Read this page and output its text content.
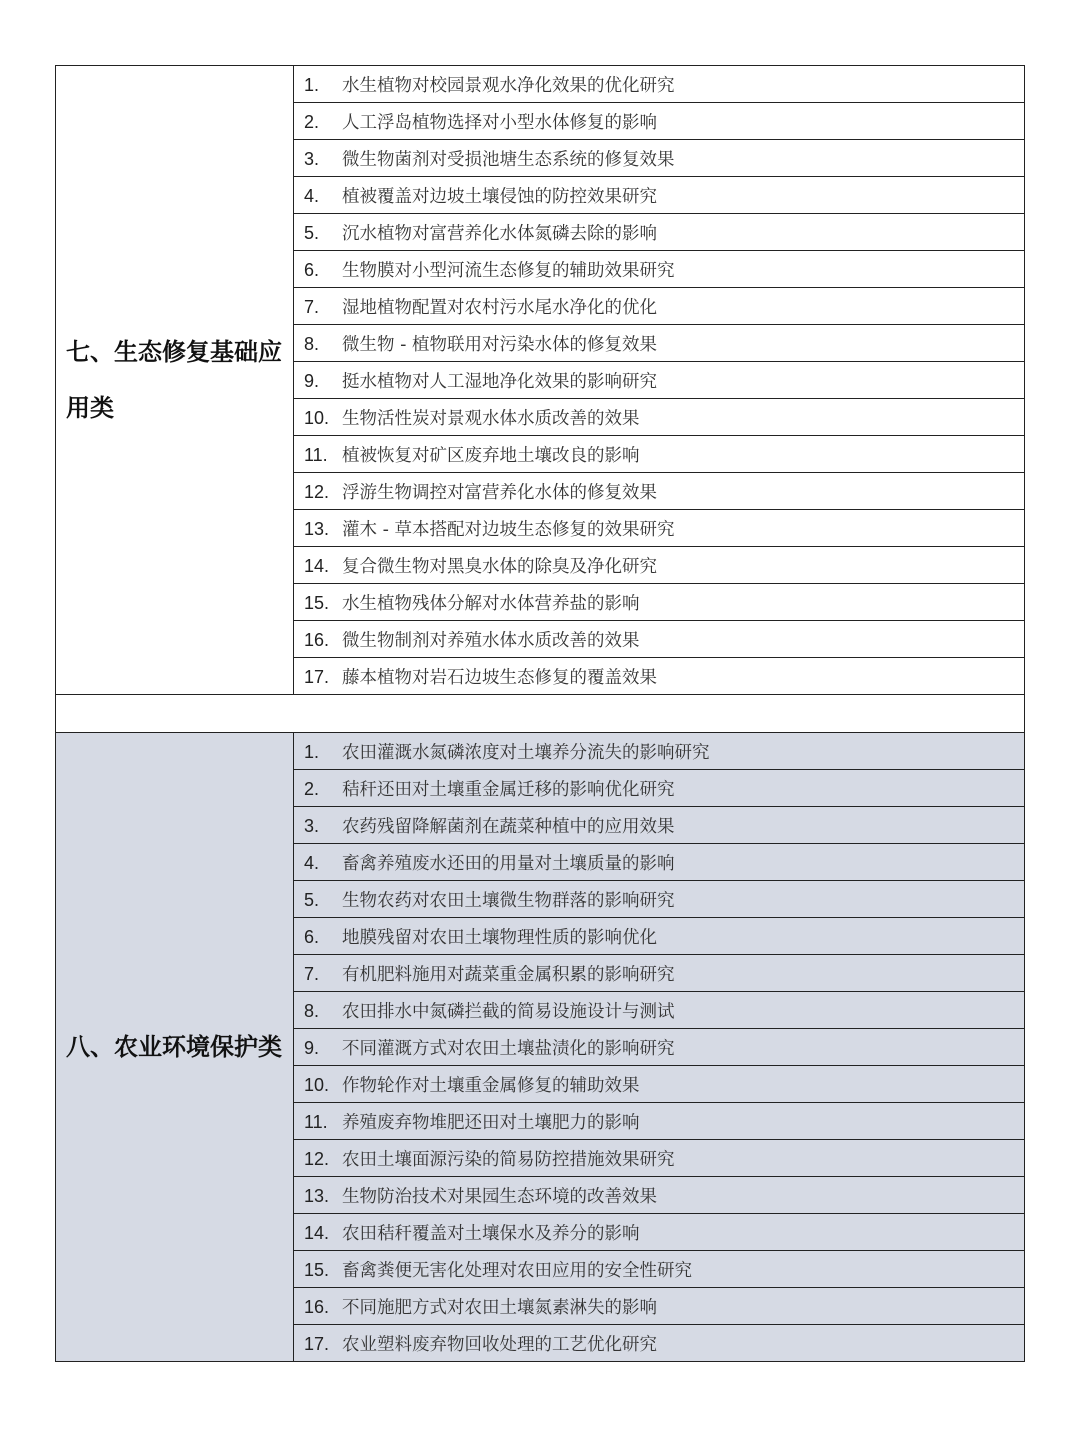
七、生态修复基础应用类	1. 水生植物对校园景观水净化效果的优化研究
	2. 人工浮岛植物选择对小型水体修复的影响
	3. 微生物菌剂对受损池塘生态系统的修复效果
	4. 植被覆盖对边坡土壤侵蚀的防控效果研究
	5. 沉水植物对富营养化水体氮磷去除的影响
	6. 生物膜对小型河流生态修复的辅助效果研究
	7. 湿地植物配置对农村污水尾水净化的优化
	8. 微生物 - 植物联用对污染水体的修复效果
	9. 挺水植物对人工湿地净化效果的影响研究
	10. 生物活性炭对景观水体水质改善的效果
	11. 植被恢复对矿区废弃地土壤改良的影响
	12. 浮游生物调控对富营养化水体的修复效果
	13. 灌木 - 草本搭配对边坡生态修复的效果研究
	14. 复合微生物对黑臭水体的除臭及净化研究
	15. 水生植物残体分解对水体营养盐的影响
	16. 微生物制剂对养殖水体水质改善的效果
	17. 藤本植物对岩石边坡生态修复的覆盖效果

八、农业环境保护类	1. 农田灌溉水氮磷浓度对土壤养分流失的影响研究
	2. 秸秆还田对土壤重金属迁移的影响优化研究
	3. 农药残留降解菌剂在蔬菜种植中的应用效果
	4. 畜禽养殖废水还田的用量对土壤质量的影响
	5. 生物农药对农田土壤微生物群落的影响研究
	6. 地膜残留对农田土壤物理性质的影响优化
	7. 有机肥料施用对蔬菜重金属积累的影响研究
	8. 农田排水中氮磷拦截的简易设施设计与测试
	9. 不同灌溉方式对农田土壤盐渍化的影响研究
	10. 作物轮作对土壤重金属修复的辅助效果
	11. 养殖废弃物堆肥还田对土壤肥力的影响
	12. 农田土壤面源污染的简易防控措施效果研究
	13. 生物防治技术对果园生态环境的改善效果
	14. 农田秸秆覆盖对土壤保水及养分的影响
	15. 畜禽粪便无害化处理对农田应用的安全性研究
	16. 不同施肥方式对农田土壤氮素淋失的影响
	17. 农业塑料废弃物回收处理的工艺优化研究
